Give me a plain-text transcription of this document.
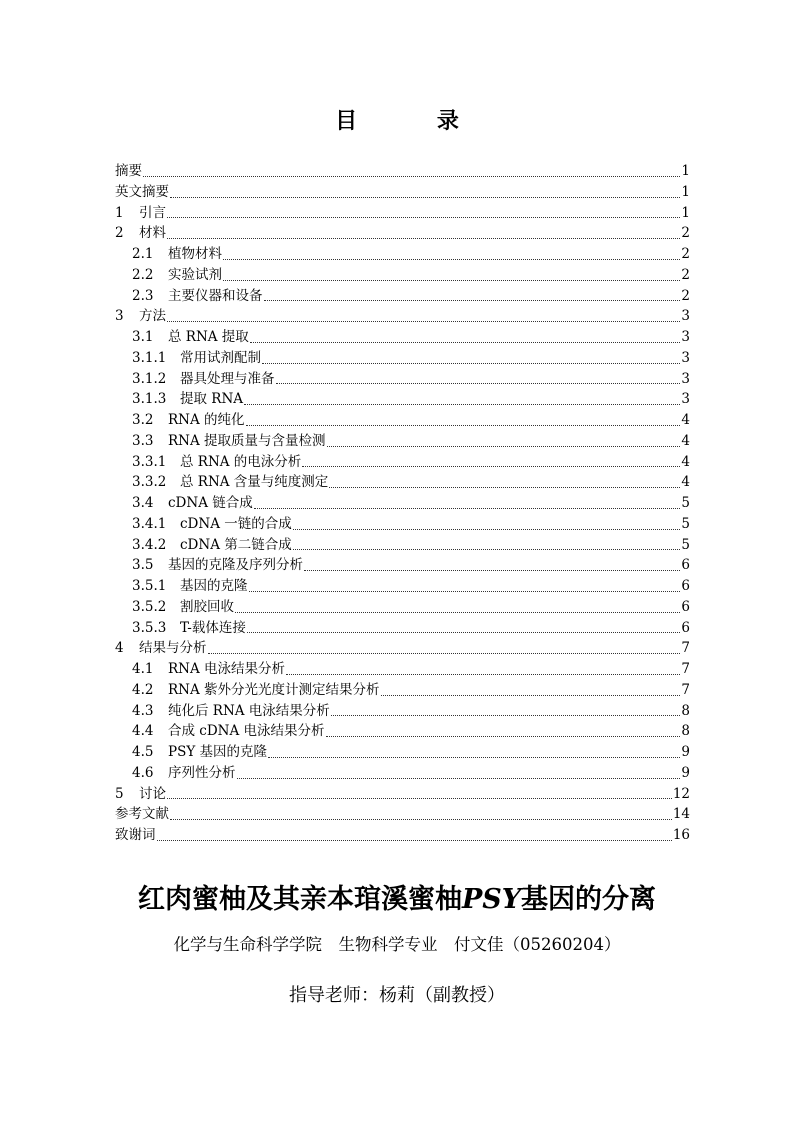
目 录
摘要	1
英文摘要	1
1 引言	1
2 材料	2
2.1 植物材料	2
2.2 实验试剂	2
2.3 主要仪器和设备	2
3 方法	3
3.1 总 RNA 提取	3
3.1.1 常用试剂配制	3
3.1.2 器具处理与准备	3
3.1.3 提取 RNA	3
3.2 RNA 的纯化	4
3.3 RNA 提取质量与含量检测	4
3.3.1 总 RNA 的电泳分析	4
3.3.2 总 RNA 含量与纯度测定	4
3.4 cDNA 链合成	5
3.4.1 cDNA 一链的合成	5
3.4.2 cDNA 第二链合成	5
3.5 基因的克隆及序列分析	6
3.5.1 基因的克隆	6
3.5.2 割胶回收	6
3.5.3 T-载体连接	6
4 结果与分析	7
4.1 RNA 电泳结果分析	7
4.2 RNA 紫外分光光度计测定结果分析	7
4.3 纯化后 RNA 电泳结果分析	8
4.4 合成 cDNA 电泳结果分析	8
4.5 PSY 基因的克隆	9
4.6 序列性分析	9
5 讨论	12
参考文献	14
致谢词	16
红肉蜜柚及其亲本琯溪蜜柚PSY基因的分离
化学与生命科学学院　生物科学专业　付文佳（05260204）
指导老师：杨莉（副教授）
